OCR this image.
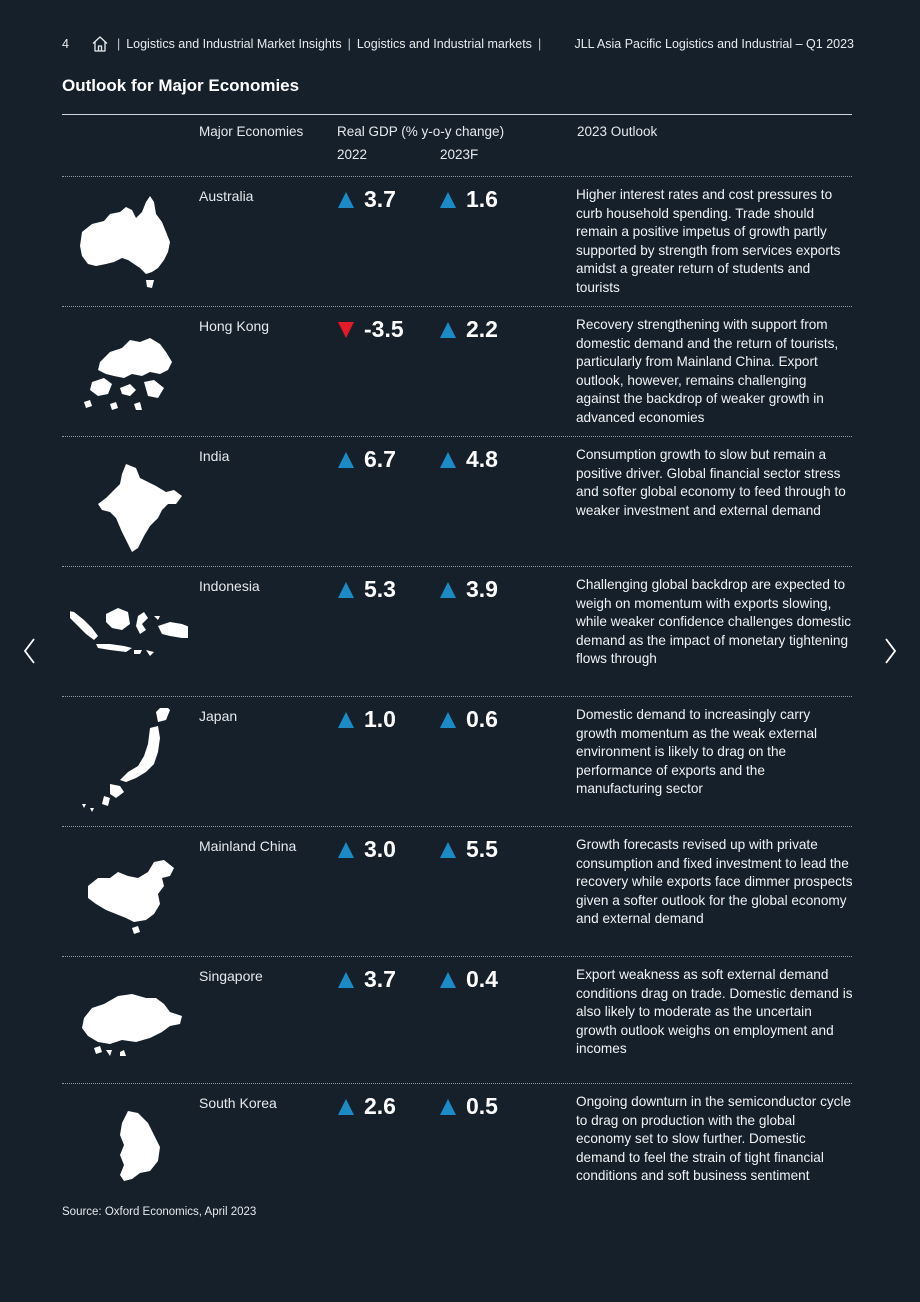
4	| Logistics and Industrial Market Insights | Logistics and Industrial markets |	JLL Asia Pacific Logistics and Industrial – Q1 2023
Outlook for Major Economies
Major Economies Real GDP (% y-o-y change)
2022	2023F
2023 Outlook
Australia	3.7	1.6	Higher interest rates and cost pressures to curb household spending. Trade should remain a positive impetus of growth partly supported by strength from services exports amidst a greater return of students and tourists
Hong Kong	-3.5	2.2	Recovery strengthening with support from domestic demand and the return of tourists, particularly from Mainland China. Export outlook, however, remains challenging against the backdrop of weaker growth in advanced economies
India	6.7	4.8	Consumption growth to slow but remain a positive driver. Global financial sector stress and softer global economy to feed through to weaker investment and external demand
Indonesia	5.3	3.9	Challenging global backdrop are expected to weigh on momentum with exports slowing, while weaker confidence challenges domestic demand as the impact of monetary tightening flows through
Japan	1.0	0.6	Domestic demand to increasingly carry growth momentum as the weak external environment is likely to drag on the performance of exports and the manufacturing sector
Mainland China	3.0	5.5	Growth forecasts revised up with private consumption and fixed investment to lead the recovery while exports face dimmer prospects given a softer outlook for the global economy and external demand
Singapore	3.7	0.4	Export weakness as soft external demand conditions drag on trade. Domestic demand is also likely to moderate as the uncertain growth outlook weighs on employment and incomes
South Korea	2.6	0.5	Ongoing downturn in the semiconductor cycle to drag on production with the global economy set to slow further. Domestic demand to feel the strain of tight financial conditions and soft business sentiment
Source: Oxford Economics, April 2023
